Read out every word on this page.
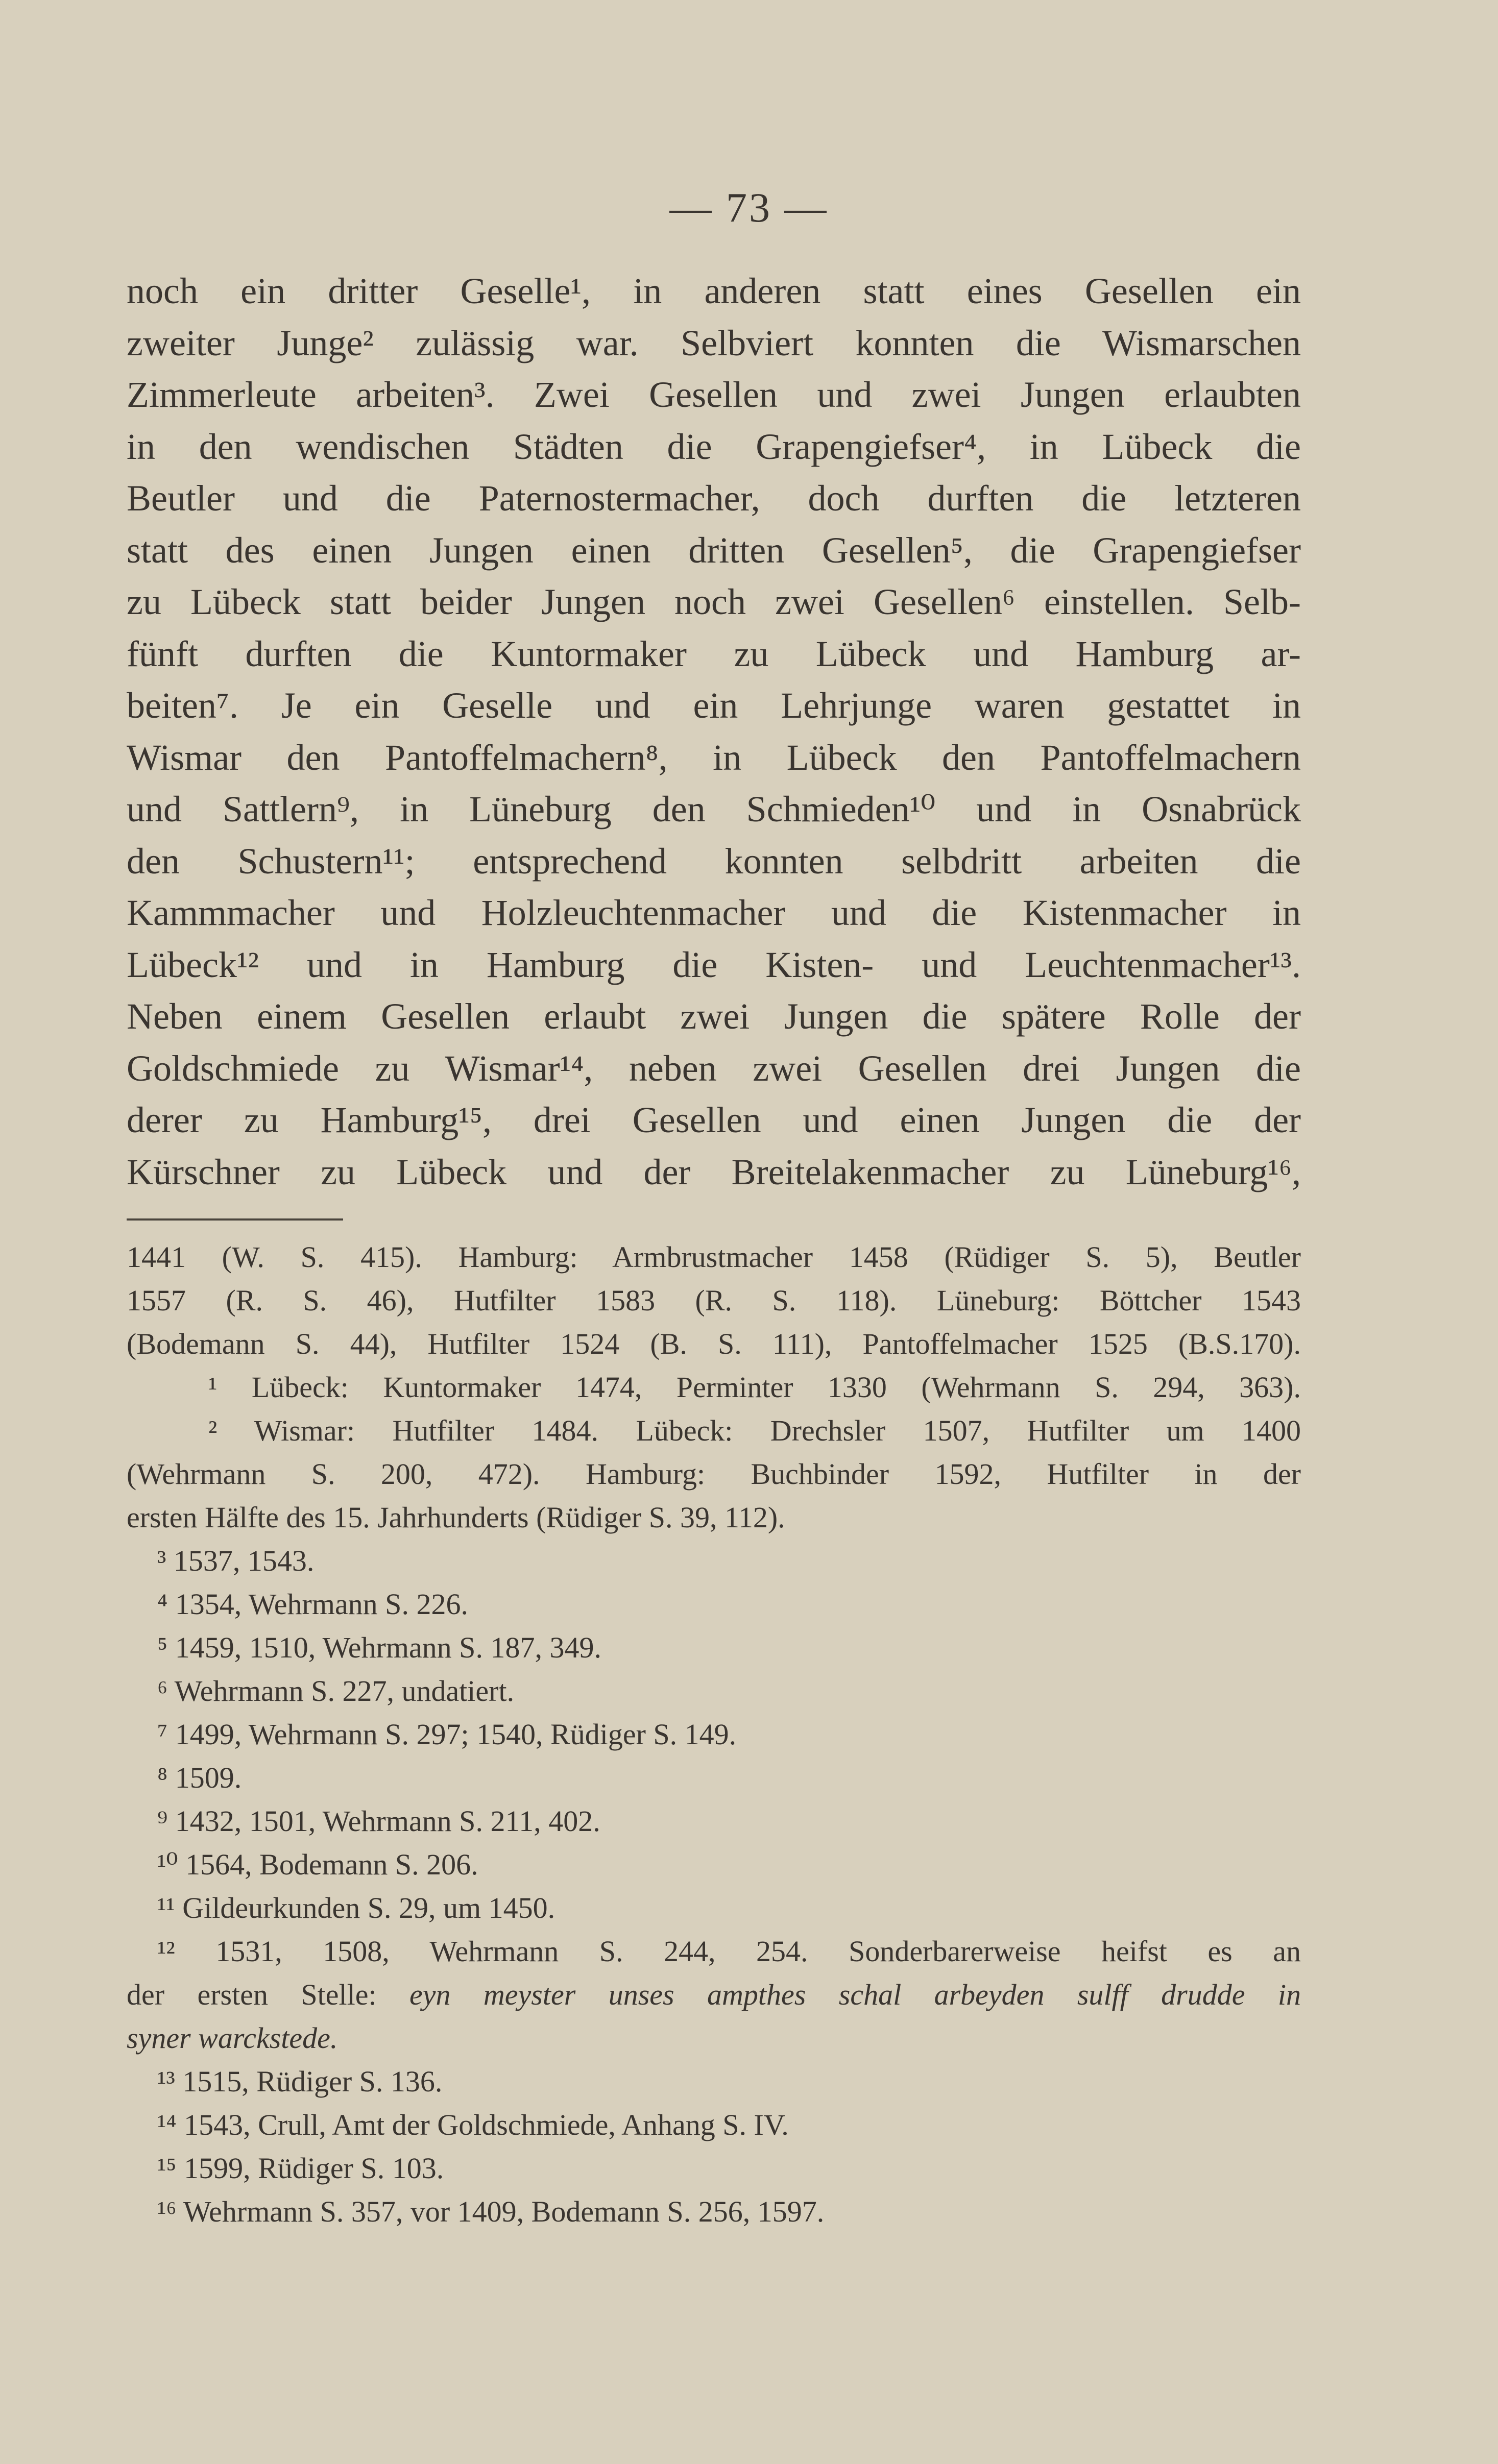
— 73 —
noch ein dritter Geselle¹, in anderen statt eines Gesellen ein
zweiter Junge² zulässig war. Selbviert konnten die Wismarschen
Zimmerleute arbeiten³. Zwei Gesellen und zwei Jungen erlaubten
in den wendischen Städten die Grapengiefser⁴, in Lübeck die
Beutler und die Paternostermacher, doch durften die letzteren
statt des einen Jungen einen dritten Gesellen⁵, die Grapengiefser
zu Lübeck statt beider Jungen noch zwei Gesellen⁶ einstellen. Selb-
fünft durften die Kuntormaker zu Lübeck und Hamburg ar-
beiten⁷. Je ein Geselle und ein Lehrjunge waren gestattet in
Wismar den Pantoffelmachern⁸, in Lübeck den Pantoffelmachern
und Sattlern⁹, in Lüneburg den Schmieden¹⁰ und in Osnabrück
den Schustern¹¹; entsprechend konnten selbdritt arbeiten die
Kammmacher und Holzleuchtenmacher und die Kistenmacher in
Lübeck¹² und in Hamburg die Kisten- und Leuchtenmacher¹³.
Neben einem Gesellen erlaubt zwei Jungen die spätere Rolle der
Goldschmiede zu Wismar¹⁴, neben zwei Gesellen drei Jungen die
derer zu Hamburg¹⁵, drei Gesellen und einen Jungen die der
Kürschner zu Lübeck und der Breitelakenmacher zu Lüneburg¹⁶,
1441 (W. S. 415). Hamburg: Armbrustmacher 1458 (Rüdiger S. 5), Beutler
1557 (R. S. 46), Hutfilter 1583 (R. S. 118). Lüneburg: Böttcher 1543
(Bodemann S. 44), Hutfilter 1524 (B. S. 111), Pantoffelmacher 1525 (B.S.170).
¹ Lübeck: Kuntormaker 1474, Perminter 1330 (Wehrmann S. 294, 363).
² Wismar: Hutfilter 1484. Lübeck: Drechsler 1507, Hutfilter um 1400
(Wehrmann S. 200, 472). Hamburg: Buchbinder 1592, Hutfilter in der
ersten Hälfte des 15. Jahrhunderts (Rüdiger S. 39, 112).
³ 1537, 1543.
⁴ 1354, Wehrmann S. 226.
⁵ 1459, 1510, Wehrmann S. 187, 349.
⁶ Wehrmann S. 227, undatiert.
⁷ 1499, Wehrmann S. 297; 1540, Rüdiger S. 149.
⁸ 1509.
⁹ 1432, 1501, Wehrmann S. 211, 402.
¹⁰ 1564, Bodemann S. 206.
¹¹ Gildeurkunden S. 29, um 1450.
¹² 1531, 1508, Wehrmann S. 244, 254. Sonderbarerweise heifst es an
der ersten Stelle: eyn meyster unses ampthes schal arbeyden sulff drudde in
syner warckstede.
¹³ 1515, Rüdiger S. 136.
¹⁴ 1543, Crull, Amt der Goldschmiede, Anhang S. IV.
¹⁵ 1599, Rüdiger S. 103.
¹⁶ Wehrmann S. 357, vor 1409, Bodemann S. 256, 1597.
